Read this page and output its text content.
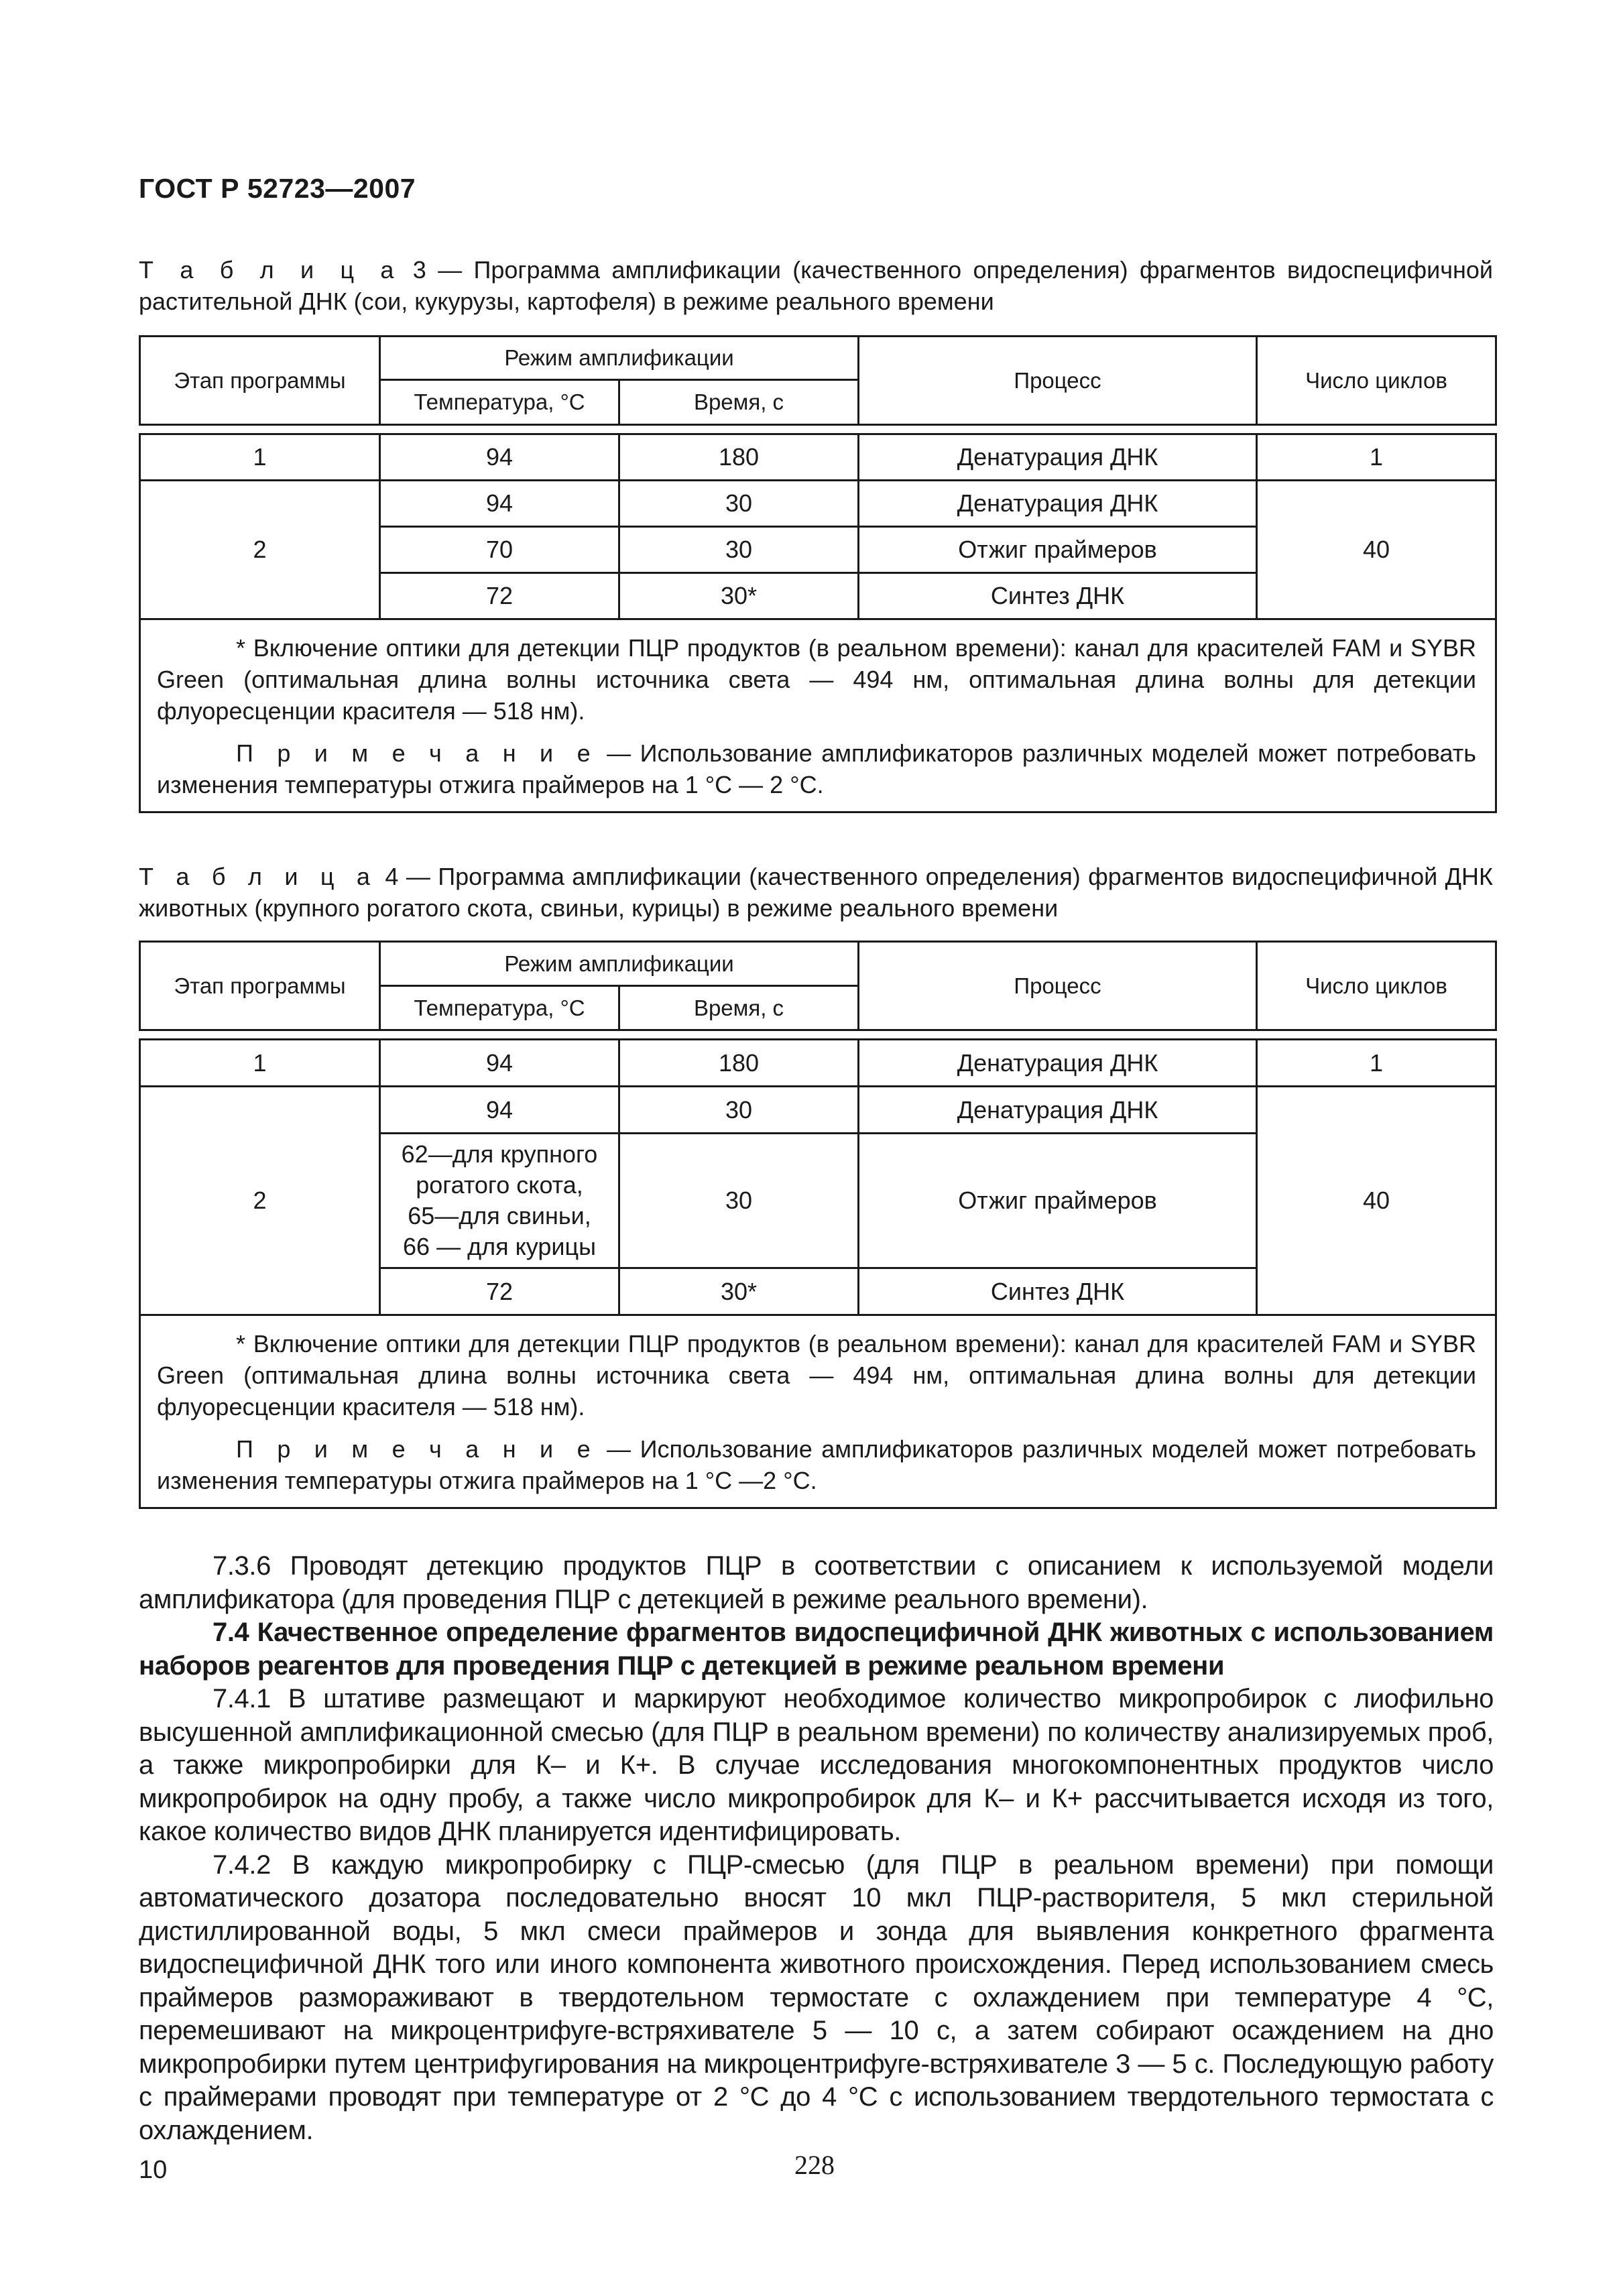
ГОСТ Р 52723—2007
Т а б л и ц а 3 — Программа амплификации (качественного определения) фрагментов видоспецифичной растительной ДНК (сои, кукурузы, картофеля) в режиме реального времени
Этап программы	Режим амплификации		Процесс	Число циклов
	Температура, °С	Время, с		

1	94	180	Денатурация ДНК	1
2	94	30	Денатурация ДНК	40
	70	30	Отжиг праймеров	
	72	30*	Синтез ДНК	

* Включение оптики для детекции ПЦР продуктов (в реальном времени): канал для красителей FAM и SYBR Green (оптимальная длина волны источника света — 494 нм, оптимальная длина волны для детекции флуоресценции красителя — 518 нм).

П р и м е ч а н и е — Использование амплификаторов различных моделей может потребовать изменения температуры отжига праймеров на 1 °С — 2 °С.				

Т а б л и ц а 4 — Программа амплификации (качественного определения) фрагментов видоспецифичной ДНК животных (крупного рогатого скота, свиньи, курицы) в режиме реального времени
Этап программы	Режим амплификации		Процесс	Число циклов
	Температура, °С	Время, с		

1	94	180	Денатурация ДНК	1
2	94	30	Денатурация ДНК	40
	62—для крупного
рогатого скота,
65—для свиньи,
66 — для курицы	30	Отжиг праймеров	
	72	30*	Синтез ДНК	

* Включение оптики для детекции ПЦР продуктов (в реальном времени): канал для красителей FAM и SYBR Green (оптимальная длина волны источника света — 494 нм, оптимальная длина волны для детекции флуоресценции красителя — 518 нм).

П р и м е ч а н и е — Использование амплификаторов различных моделей может потребовать изменения температуры отжига праймеров на 1 °С —2 °С.				

7.3.6 Проводят детекцию продуктов ПЦР в соответствии с описанием к используемой модели амплификатора (для проведения ПЦР с детекцией в режиме реального времени).

7.4 Качественное определение фрагментов видоспецифичной ДНК животных с использованием наборов реагентов для проведения ПЦР с детекцией в режиме реальном времени

7.4.1 В штативе размещают и маркируют необходимое количество микропробирок с лиофильно высушенной амплификационной смесью (для ПЦР в реальном времени) по количеству анализируемых проб, а также микропробирки для К– и К+. В случае исследования многокомпонентных продуктов число микропробирок на одну пробу, а также число микропробирок для К– и К+ рассчитывается исходя из того, какое количество видов ДНК планируется идентифицировать.

7.4.2 В каждую микропробирку с ПЦР-смесью (для ПЦР в реальном времени) при помощи автоматического дозатора последовательно вносят 10 мкл ПЦР-растворителя, 5 мкл стерильной дистиллированной воды, 5 мкл смеси праймеров и зонда для выявления конкретного фрагмента видоспецифичной ДНК того или иного компонента животного происхождения. Перед использованием смесь праймеров размораживают в твердотельном термостате с охлаждением при температуре 4 °С, перемешивают на микроцентрифуге-встряхивателе 5 — 10 с, а затем собирают осаждением на дно микропробирки путем центрифугирования на микроцентрифуге-встряхивателе 3 — 5 с. Последующую работу с праймерами проводят при температуре от 2 °С до 4 °С с использованием твердотельного термостата с охлаждением.

10	228
